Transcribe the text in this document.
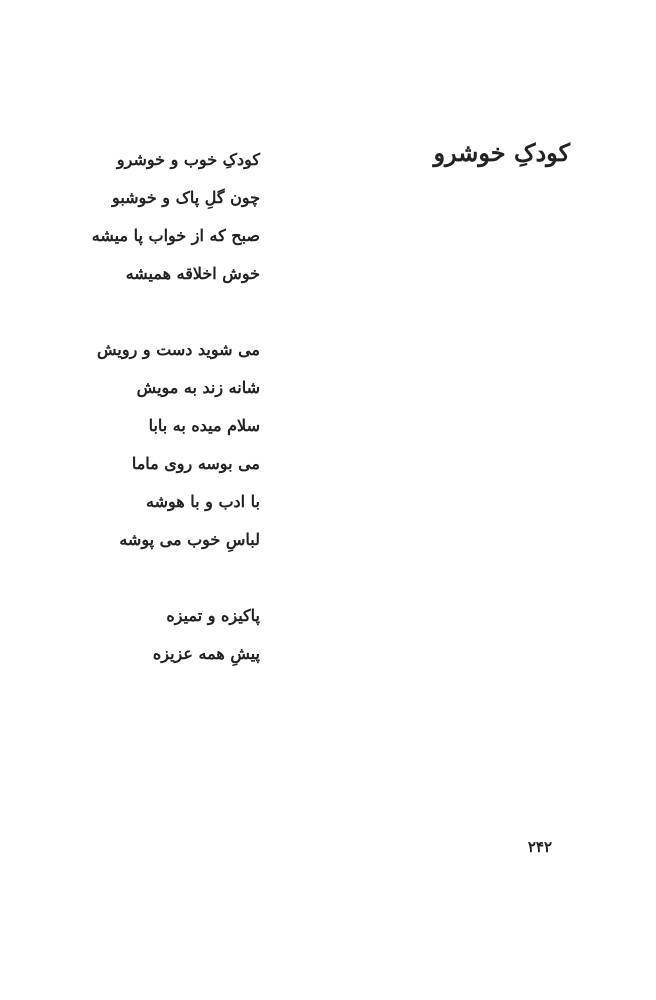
کودکِ خوشرو
کودکِ خوب و خوشرو
چون گلِ پاک و خوشبو
صبح که از خواب پا میشه
خوش اخلاقه همیشه
می شوید دست و رویش
شانه زند به مویش
سلام میده به بابا
می بوسه روی ماما
با ادب و با هوشه
لباسِ خوب می پوشه
پاکیزه و تمیزه
پیشِ همه عزیزه
۲۴۲
